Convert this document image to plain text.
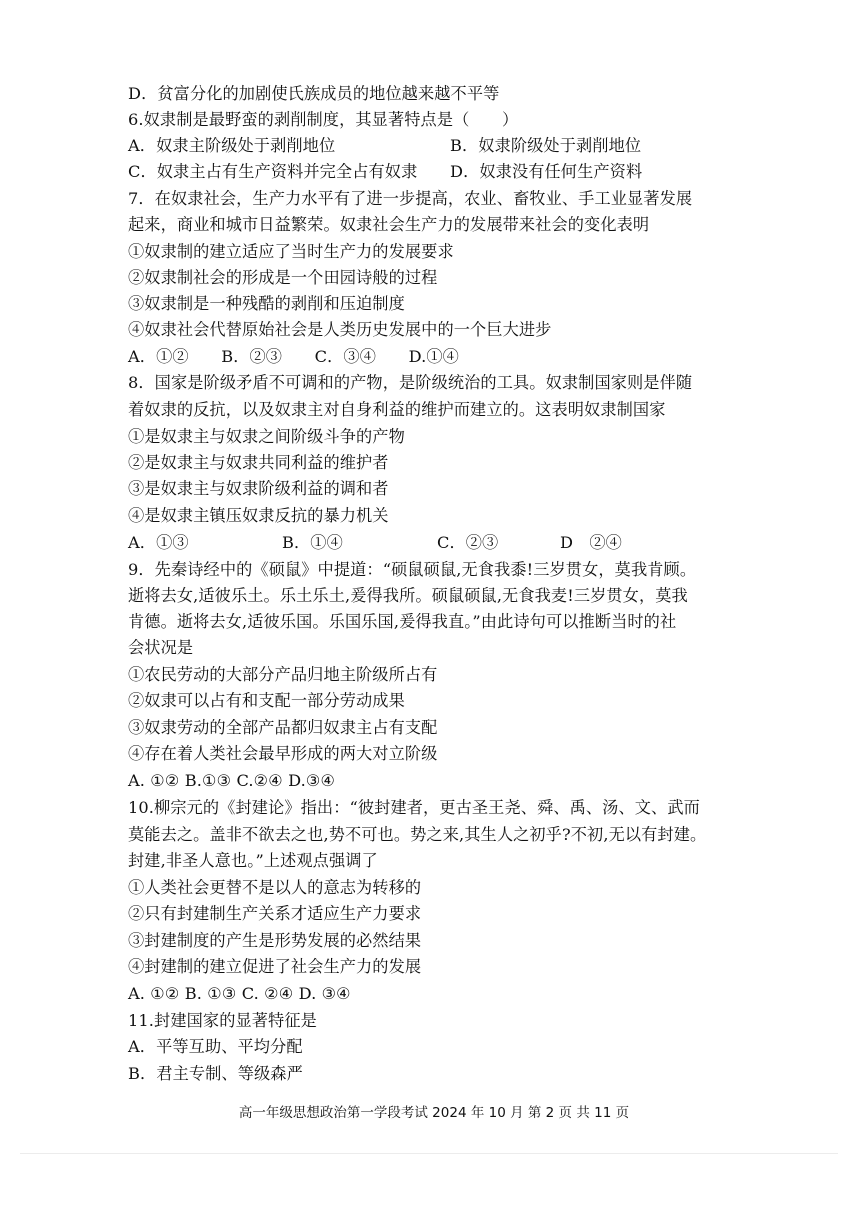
D．贫富分化的加剧使氏族成员的地位越来越不平等
6.奴隶制是最野蛮的剥削制度，其显著特点是（　　）
A．奴隶主阶级处于剥削地位	B．奴隶阶级处于剥削地位
C．奴隶主占有生产资料并完全占有奴隶 D．奴隶没有任何生产资料
7．在奴隶社会，生产力水平有了进一步提高，农业、畜牧业、手工业显著发展
起来，商业和城市日益繁荣。奴隶社会生产力的发展带来社会的变化表明
①奴隶制的建立适应了当时生产力的发展要求
②奴隶制社会的形成是一个田园诗般的过程
③奴隶制是一种残酷的剥削和压迫制度
④奴隶社会代替原始社会是人类历史发展中的一个巨大进步
A．①②　　B．②③　　C．③④　　D.①④
8．国家是阶级矛盾不可调和的产物，是阶级统治的工具。奴隶制国家则是伴随
着奴隶的反抗，以及奴隶主对自身利益的维护而建立的。这表明奴隶制国家
①是奴隶主与奴隶之间阶级斗争的产物
②是奴隶主与奴隶共同利益的维护者
③是奴隶主与奴隶阶级利益的调和者
④是奴隶主镇压奴隶反抗的暴力机关
A．①③	B．①④	C．②③	D　②④
9．先秦诗经中的《硕鼠》中提道：“硕鼠硕鼠,无食我黍!三岁贯女，莫我肯顾。
逝将去女,适彼乐土。乐土乐土,爰得我所。硕鼠硕鼠,无食我麦!三岁贯女，莫我
肯德。逝将去女,适彼乐国。乐国乐国,爰得我直。”由此诗句可以推断当时的社
会状况是
①农民劳动的大部分产品归地主阶级所占有
②奴隶可以占有和支配一部分劳动成果
③奴隶劳动的全部产品都归奴隶主占有支配
④存在着人类社会最早形成的两大对立阶级
A. ①② B.①③ C.②④ D.③④
10.柳宗元的《封建论》指出：“彼封建者，更古圣王尧、舜、禹、汤、文、武而
莫能去之。盖非不欲去之也,势不可也。势之来,其生人之初乎?不初,无以有封建。
封建,非圣人意也。”上述观点强调了
①人类社会更替不是以人的意志为转移的
②只有封建制生产关系才适应生产力要求
③封建制度的产生是形势发展的必然结果
④封建制的建立促进了社会生产力的发展
A. ①② B. ①③ C. ②④ D. ③④
11.封建国家的显著特征是
A．平等互助、平均分配
B．君主专制、等级森严
高一年级思想政治第一学段考试 2024 年 10 月 第 2 页 共 11 页
